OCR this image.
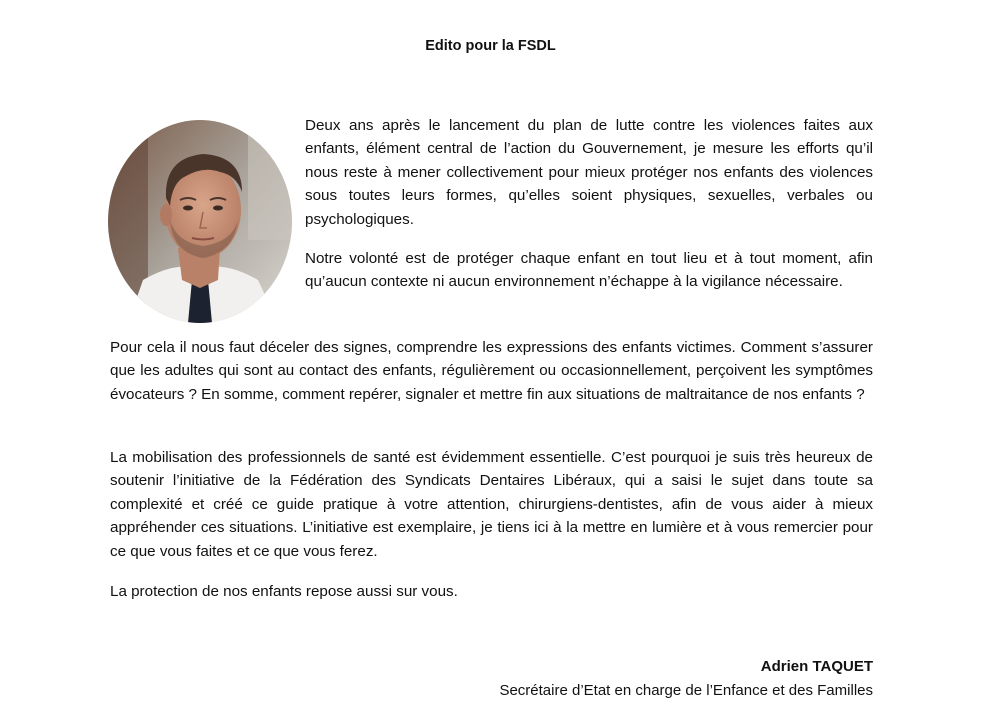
Edito pour la FSDL

Deux ans après le lancement du plan de lutte contre les violences faites aux enfants, élément central de l’action du Gouvernement, je mesure les efforts qu’il nous reste à mener collectivement pour mieux protéger nos enfants des violences sous toutes leurs formes, qu’elles soient physiques, sexuelles, verbales ou psychologiques.

Notre volonté est de protéger chaque enfant en tout lieu et à tout moment, afin qu’aucun contexte ni aucun environnement n’échappe à la vigilance nécessaire.

Pour cela il nous faut déceler des signes, comprendre les expressions des enfants victimes. Comment s’assurer que les adultes qui sont au contact des enfants, régulièrement ou occasionnellement, perçoivent les symptômes évocateurs ? En somme, comment repérer, signaler et mettre fin aux situations de maltraitance de nos enfants ?

La mobilisation des professionnels de santé est évidemment essentielle. C’est pourquoi je suis très heureux de soutenir l’initiative de la Fédération des Syndicats Dentaires Libéraux, qui a saisi le sujet dans toute sa complexité et créé ce guide pratique à votre attention, chirurgiens-dentistes, afin de vous aider à mieux appréhender ces situations. L’initiative est exemplaire, je tiens ici à la mettre en lumière et à vous remercier pour ce que vous faites et ce que vous ferez.

La protection de nos enfants repose aussi sur vous.

Adrien TAQUET
Secrétaire d’Etat en charge de l’Enfance et des Familles
